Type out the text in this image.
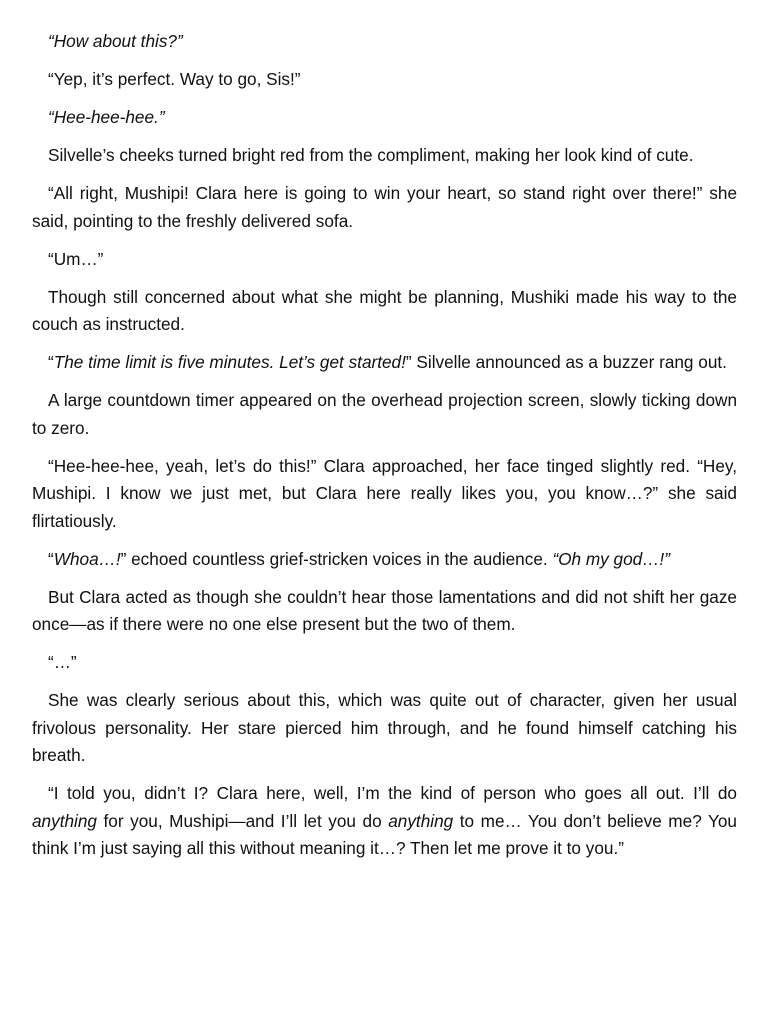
“How about this?”

“Yep, it’s perfect. Way to go, Sis!”

“Hee-hee-hee.”

Silvelle’s cheeks turned bright red from the compliment, making her look kind of cute.

“All right, Mushipi! Clara here is going to win your heart, so stand right over there!” she said, pointing to the freshly delivered sofa.

“Um…”

Though still concerned about what she might be planning, Mushiki made his way to the couch as instructed.

“The time limit is five minutes. Let’s get started!” Silvelle announced as a buzzer rang out.

A large countdown timer appeared on the overhead projection screen, slowly ticking down to zero.

“Hee-hee-hee, yeah, let’s do this!” Clara approached, her face tinged slightly red. “Hey, Mushipi. I know we just met, but Clara here really likes you, you know…?” she said flirtatiously.

“Whoa…!” echoed countless grief-stricken voices in the audience. “Oh my god…!”

But Clara acted as though she couldn’t hear those lamentations and did not shift her gaze once—as if there were no one else present but the two of them.

“…”

She was clearly serious about this, which was quite out of character, given her usual frivolous personality. Her stare pierced him through, and he found himself catching his breath.

“I told you, didn’t I? Clara here, well, I’m the kind of person who goes all out. I’ll do anything for you, Mushipi—and I’ll let you do anything to me… You don’t believe me? You think I’m just saying all this without meaning it…? Then let me prove it to you.”
